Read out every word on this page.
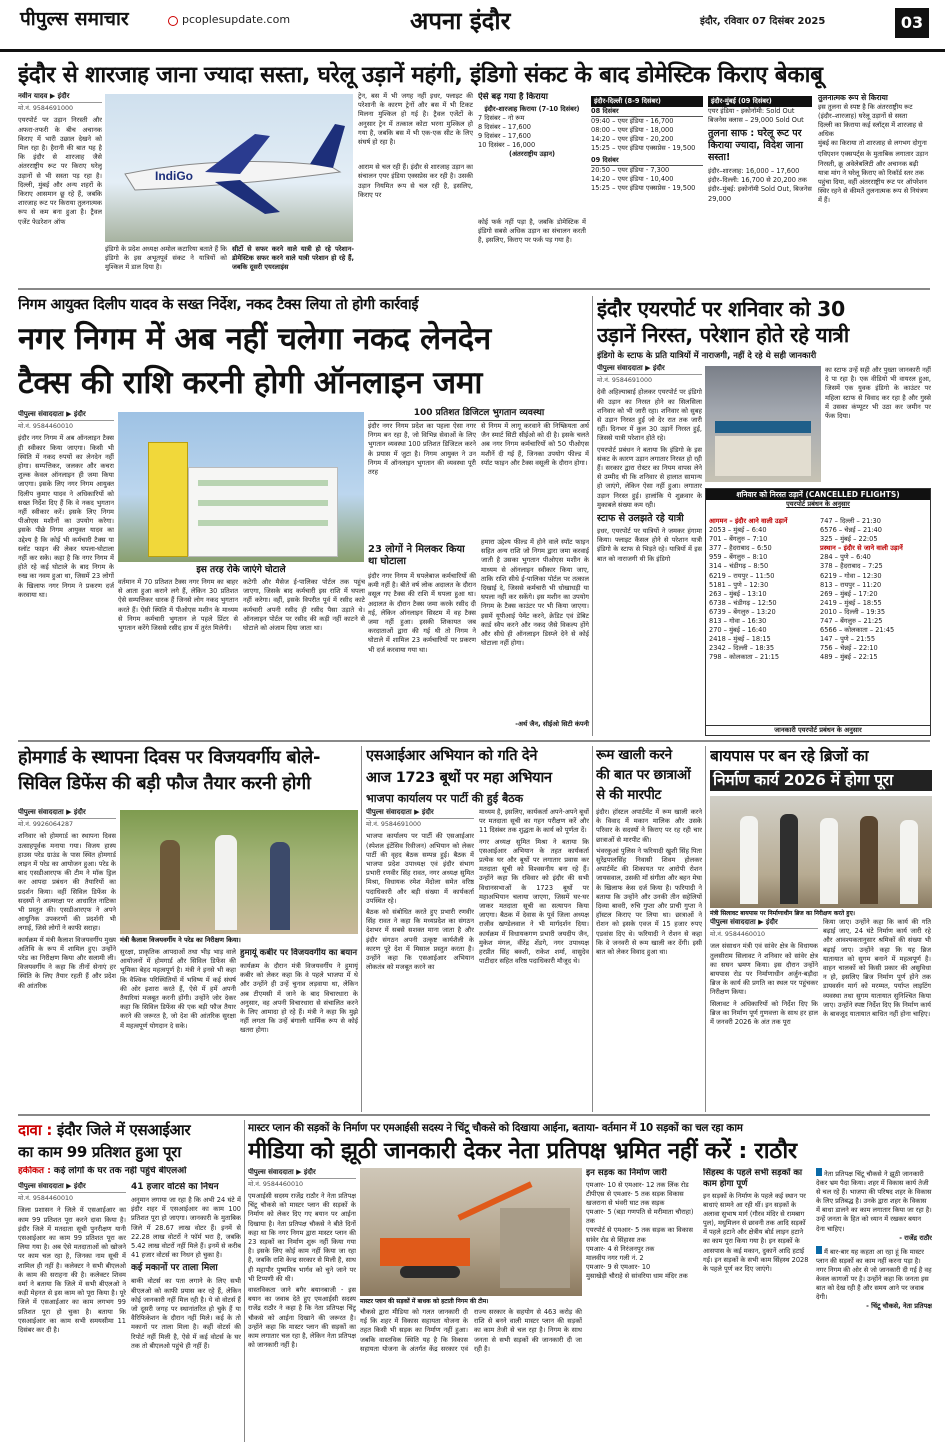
पीपुल्स समाचार	pcoplesupdate.com	अपना इंदौर	इंदौर, रविवार 07 दिसंबर 2025	03
इंदौर से शारजाह जाना ज्यादा सस्ता, घरेलू उड़ानें महंगी, इंडिगो संकट के बाद डोमेस्टिक किराए बेकाबू
नवीन यादव ▶ इंदौर
मो.नं. 9584691000
एयरपोर्ट पर उड़ान निरस्ती और अफरा-तफरी के बीच अचानक किराए में भारी उछाल देखने को मिल रहा है। हैरानी की बात यह है कि इंदौर से शारजाह जैसे अंतरराष्ट्रीय रूट पर किराए घरेलू उड़ानों से भी सस्ता पड़ रहा है। दिल्ली, मुंबई और अन्य शहरों के किराए आसमान छू रहे हैं, जबकि शारजाह रूट पर किराया तुलनात्मक रूप से कम बना हुआ है। ट्रैवल एजेंट फेडरेशन ऑफ
IndiGo
इंडिगो के प्रदेश अध्यक्ष अमोल कटारिया बताते हैं कि इंडिगो के इस अभूतपूर्व संकट ने यात्रियों को मुश्किल में डाल दिया है।
सीटों से सफर करने वाले यात्री हो रहे परेशान- डोमेस्टिक सफर करने वाले यात्री परेशान हो रहे हैं, जबकि दूसरी एयरलाइंस
ट्रेन, बस में भी जगह नहीं इधर, फ्लाइट की परेशानी के कारण ट्रेनों और बस में भी टिकट मिलना मुश्किल हो गई है। ट्रैवल एजेंटों के अनुसार ट्रेन में तत्काल कोटा भरना मुश्किल हो गया है, जबकि बस में भी एक-एक सीट के लिए संघर्ष हो रहा है।
आराम से चल रही हैं। इंदौर से शारजाह उड़ान का संचालन एयर इंडिया एक्सप्रेस कर रही है। उसकी उड़ान नियमित रूप से चल रही है, इसलिए, किराए पर
ऐसे बढ़ गया है किराया
इंदौर-शारजाह किराया (7-10 दिसंबर)
7 दिसंबर – नो रूम
8 दिसंबर – 17,600
9 दिसंबर – 17,600
10 दिसंबर – 16,000
(अंतरराष्ट्रीय उड़ान)
कोई फर्क नहीं पड़ा है, जबकि डोमेस्टिक में इंडिगो सबसे अधिक उड़ान का संचालन करती है, इसलिए, किराए पर फर्क पड़ गया है।
इंदौर-दिल्ली (8-9 दिसंबर)
08 दिसंबर
09:40 – एयर इंडिया - 16,700
08:00 – एयर इंडिया - 18,000
14:20 – एयर इंडिया - 20,200
15:25 – एयर इंडिया एक्सप्रेस - 19,500
09 दिसंबर
20:50 – एयर इंडिया - 7,300
14:20 – एयर इंडिया - 10,400
15:25 – एयर इंडिया एक्सप्रेस - 19,500
इंदौर-मुंबई (09 दिसंबर)
एयर इंडिया - इकोनॉमी: Sold Out
बिजनेस क्लास – 29,000 Sold Out
तुलना साफ : घरेलू रूट पर किराया ज्यादा, विदेश जाना सस्ता!
इंदौर–शारजाह: 16,000 – 17,600
इंदौर–दिल्ली: 16,700 से 20,200 तक
इंदौर–मुंबई: इकोनॉमी Sold Out, बिजनेस 29,000
तुलनात्मक रूप से किराया
इस तुलना से स्पष्ट है कि अंतरराष्ट्रीय रूट (इंदौर–शारजाह) घरेलू उड़ानों से सस्ता
दिल्ली का किराया कई स्लॉट्स में शारजाह से अधिक
मुंबई का किराया तो शारजाह से लगभग दोगुना
एविएशन एक्सपर्ट्स के मुताबिक लगातार उड़ान निरस्ती, क्रू अवेलेबलिटी और अचानक बढ़ी यात्रा मांग ने घरेलू किराए को रिकॉर्ड स्तर तक पहुंचा दिया, वहीं अंतरराष्ट्रीय रूट पर ऑपरेशन स्थिर रहने से कीमतें तुलनात्मक रूप से नियंत्रण में हैं।
निगम आयुक्त दिलीप यादव के सख्त निर्देश, नकद टैक्स लिया तो होगी कार्रवाई
नगर निगम में अब नहीं चलेगा नकद लेनदेन
टैक्स की राशि करनी होगी ऑनलाइन जमा
पीपुल्स संवाददाता ▶ इंदौर
मो.नं. 9584460010
इंदौर नगर निगम में अब ऑनलाइन टैक्स ही स्वीकार किया जाएगा। किसी भी स्थिति में नकद रुपयों का लेनदेन नहीं होगा। सम्पत्तिकर, जलकर और कचरा शुल्क केवल ऑनलाइन ही जमा किया जाएगा। इसके लिए नगर निगम आयुक्त दिलीप कुमार यादव ने अधिकारियों को सख्त निर्देश दिए हैं कि वे नकद भुगतान नहीं स्वीकार करें। इसके लिए निगम पीओएस मशीनों का उपयोग करेगा। इसके पीछे निगम आयुक्त यादव का उद्देश्य है कि कोई भी कर्मचारी टैक्स या स्लॉट फाइन की लेकर घपला-घोटाला नहीं कर सके। कहा है कि नगर निगम में होते रहे कई घोटाले के बाद निगम के रुख का नवम हुआ था, जिसमें 23 लोगों के खिलाफ नगर निगम ने प्रकरण दर्ज करवाया था।
इस तरह रोके जाएंगे घोटाले
वर्तमान में 70 प्रतिशत टैक्स नगर निगम का बाहर से आता हुआ कराने लगे हैं, लेकिन 30 प्रतिशत ऐसे सम्पत्तिकर धारक हैं जिनसे लोग नकद भुगतान करते हैं। ऐसी स्थिति में पीओएस मशीन के माध्यम से निगम कर्मचारी भुगतान ले पहले प्रिंटर से भुगतान करेंगे जिससे रसीद हाथ में तुरंत मिलेगी।
कटेगी और मैसेज ई-पालिका पोर्टल तक पहुंच जाएगा, जिसके बाद कर्मचारी इस राशि में घपला नहीं करेगा। वहीं, इसके विपरीत पूर्व में रसीद काटे कर्मचारी अपनी रसीद ही रसीद पैसा उड़ाते थे। ऑनलाइन पोर्टल पर रसीद की कड़ी नहीं काटने से घोटाले को अंजाम दिया जाता था।
100 प्रतिशत डिजिटल भुगतान व्यवस्था
इंदौर नगर निगम प्रदेश का पहला ऐसा नगर निगम बन रहा है, जो विभिन्न सेवाओं के लिए भुगतान व्यवस्था 100 प्रतिशत डिजिटल करने के प्रयास में जुटा है। निगम आयुक्त ने उन निगम में ऑनलाइन भुगतान की व्यवस्था पूरी तरह
से निगम में लागू करवाने की निष्क्रियता अर्थ जैन स्मार्ट सिटी सीईओ को दी है। इसके चलते अब नगर निगम कर्मचारियों को 50 पीओएस मशीनें दी गई हैं, जिनका उपयोग फील्ड में स्पॉट फाइन और टैक्स वसूली के दौरान होगा।
23 लोगों ने मिलकर किया था घोटाला
इंदौर नगर निगम में घपलेबाज कर्मचारियों की कमी नहीं है। बीते वर्ष लोक अदालत के दौरान वसूल गए टैक्स की राशि में घपला हुआ था। अदालत के दौरान टैक्स जमा करके रसीद दी गई, लेकिन ऑनलाइन सिस्टम में वह टैक्स जमा नहीं हुआ। इसकी शिकायत जब करदाताओं द्वारा की गई थी तो निगम ने घोटाले में शामिल 23 कर्मचारियों पर प्रकरण भी दर्ज करवाया गया था।
हमारा उद्देश्य फील्ड में होने वाले स्पॉट फाइन सहित अन्य राशि जो निगम द्वारा जमा करवाई जाती है उसका भुगतान पीओएस मशीन के माध्यम से ऑनलाइन स्वीकार किया जाए, ताकि राशि सीधे ई-पालिका पोर्टल पर तत्काल दिखाई दे, जिससे कर्मचारी भी धोखाधड़ी या घपला नहीं कर सकेंगे। इस मशीन का उपयोग निगम के टैक्स काउंटर पर भी किया जाएगा। इसमें यूपीआई पेमेंट करने, क्रेडिट एवं डेबिट कार्ड स्वैप करने और नकद जैसे विकल्प होंगे और सीधे ही ऑनलाइन डिस्प्ले देने से कोई घोटाला नहीं होगा।
-अर्थ जैन, सीईओ सिटी कंपनी
इंदौर एयरपोर्ट पर शनिवार को 30
उड़ानें निरस्त, परेशान होते रहे यात्री
इंडिगो के स्टाफ के प्रति यात्रियों में नाराजगी, नहीं दे रहे थे सही जानकारी
पीपुल्स संवाददाता ▶ इंदौर
मो.नं. 9584691000
देवी अहिल्याबाई होलकर एयरपोर्ट पर इंडिगो की उड़ान का निरस्त होने का सिलसिला शनिवार को भी जारी रहा। शनिवार को सुबह से उड़ान निरस्त हुईं जो देर रात तक जारी रहीं। दिनभर में कुल 30 उड़ानें निरस्त हुईं, जिससे यात्री परेशान होते रहे।
एयरपोर्ट प्रबंधन ने बताया कि इंडिगो के इस संकट के कारण उड़ान लगातार निरस्त हो रही हैं। सरकार द्वारा रोस्टर का नियम वापस लेने से उम्मीद थी कि शनिवार से हालात सामान्य हो जाएंगे, लेकिन ऐसा नहीं हुआ। लगातार उड़ान निरस्त हुई। हालांकि ये शुक्रवार के मुकाबले संख्या कम रही।
स्टाफ से उलझते रहे यात्री
इधर, एयरपोर्ट पर यात्रियों ने जमकर हंगामा किया। फ्लाइट कैंसल होने से परेशान यात्री इंडिगो के स्टाफ से भिड़ते रहे। यात्रियों में इस बात को नाराजगी थी कि इंडिगो
का स्टाफ उन्हें सही और पुख्ता जानकारी नहीं दे पा रहा है। एक वीडियो भी वायरल हुआ, जिसमें एक युवक इंडिगो के काउंटर पर महिला स्टाफ से विवाद कर रहा है और गुस्से में उसका कंप्यूटर भी उठा कर जमीन पर फेंक दिया।
शनिवार को निरस्त उड़ानें (CANCELLED FLIGHTS)
एयरपोर्ट प्रबंधन के अनुसार
आगमन – इंदौर आने वाली उड़ानें
2053 – मुंबई – 6:40
701 – बेंगलुरु – 7:10
377 – हैदराबाद – 6:50
959 – बेंगलुरु – 8:10
314 – चंडीगढ़ – 8:50
6219 – रायपुर – 11:50
5181 – पुणे – 12:30
263 – मुंबई – 13:10
6738 – चंडीगढ़ – 12:50
6739 – बेंगलुरु – 13:20
813 – गोवा – 16:30
270 – मुंबई – 16:40
2418 – मुंबई – 18:15
2342 – दिल्ली – 18:35
798 – कोलकाता – 21:15
747 – दिल्ली – 21:30
6576 – चेन्नई – 21:40
325 – मुंबई – 22:05
प्रस्थान – इंदौर से जाने वाली उड़ानें
284 – पुणे – 6:40
378 – हैदराबाद – 7:25
6219 – गोवा – 12:30
813 – रायपुर – 11:20
269 – मुंबई – 17:20
2419 – मुंबई – 18:55
2010 – दिल्ली – 19:35
747 – बेंगलुरु – 21:25
6566 – कोलकाता – 21:45
147 – पुणे – 21:55
756 – चेन्नई – 22:10
489 – मुंबई – 22:15
जानकारी एयरपोर्ट प्रबंधन के अनुसार
होमगार्ड के स्थापना दिवस पर विजयवर्गीय बोले-
सिविल डिफेंस की बड़ी फौज तैयार करनी होगी
पीपुल्स संवाददाता ▶ इंदौर
मो.नं. 9926064287
शनिवार को होमगार्ड का स्थापना दिवस उत्साहपूर्वक मनाया गया। विजय हास्य हाउस परेड ग्राउंड के पास स्थित होमगार्ड लाइन में परेड का आयोजन हुआ। परेड के बाद एसडीआरएफ की टीम ने मॉक ड्रिल कर आपदा प्रबंधन की तैयारियों का प्रदर्शन किया। वहीं सिविल डिफेंस के सदस्यों ने आत्मरक्षा पर आधारित नाटिका भी प्रस्तुत की। एसडीआरएफ ने अपने आधुनिक उपकरणों की प्रदर्शनी भी लगाई, जिसे लोगों ने काफी सराहा।
कार्यक्रम में मंत्री कैलाश विजयवर्गीय मुख्य अतिथि के रूप में शामिल हुए। उन्होंने परेड का निरीक्षण किया और सलामी ली। विजयवर्गीय ने कहा कि तीनों सेनाएं हर स्थिति के लिए तैयार रहती हैं और प्रदेश की आंतरिक
मंत्री कैलाश विजयवर्गीय ने परेड का निरीक्षण किया।
सुरक्षा, प्राकृतिक आपदाओं तथा भीड़ भाड़ वाले आयोजनों में होमगार्ड और सिविल डिफेंस की भूमिका बेहद महत्वपूर्ण है। मंत्री ने इनसे भी कहा कि वैश्विक परिस्थितियों में भविष्य में कई संघर्ष की ओर इशारा करते हैं, ऐसे में हमें अपनी तैयारियां मजबूत करनी होंगी। उन्होंने जोर देकर कहा कि सिविल डिफेंस की एक बड़ी फौज तैयार करने की जरूरत है, जो देश की आंतरिक सुरक्षा में महत्वपूर्ण योगदान दे सके।
हुमायूं कबीर पर विजयवर्गीय का बयान
कार्यक्रम के दौरान मंत्री विजयवर्गीय ने हुमायूं कबीर को लेकर कहा कि वे पहले भाजपा में थे और उन्होंने ही उन्हें चुनाव लड़वाया था, लेकिन अब टीएमसी में जाने के बाद विचारधारा के अनुसार, वह अपनी विचारधारा से संचालित करने के लिए आमादा हो रहे हैं। मंत्री ने कहा कि मुझे नहीं लगता कि उन्हें बंगाली धार्मिक रूप से कोई खतरा होगा।
एसआईआर अभियान को गति देने
आज 1723 बूथों पर महा अभियान
भाजपा कार्यालय पर पार्टी की हुई बैठक
पीपुल्स संवाददाता ▶ इंदौर
मो.नं. 9584691000
भाजपा कार्यालय पर पार्टी की एसआईआर (स्पेशल इंटेंसिव रिवीजन) अभियान को लेकर पार्टी की वृहद बैठक सम्पन्न हुई। बैठक में भाजपा प्रदेश उपाध्यक्ष एवं इंदौर संभाग प्रभारी रणवीर सिंह रावत, नगर अध्यक्ष सुमित मिश्रा, विधायक रमेश मेंदोला समेत वरिष्ठ पदाधिकारी और बड़ी संख्या में कार्यकर्ता उपस्थित रहे।
बैठक को संबोधित करते हुए प्रभारी रणवीर सिंह रावत ने कहा कि मध्यप्रदेश का संगठन देशभर में सबसे सशक्त माना जाता है और इंदौर संगठन अपनी उत्कृष्ट कार्यशैली के कारण पूरे देश में मिसाल प्रस्तुत करता है। उन्होंने कहा कि एसआईआर अभियान लोकतंत्र को मजबूत करने का
माध्यम है, इसलिए, कार्यकर्ता अपने-अपने बूथों पर मतदाता सूची का गहन परीक्षण करें और 11 दिसंबर तक शुद्धता के कार्य को पूर्णता दें।
नगर अध्यक्ष सुमित मिश्रा ने बताया कि एसआईआर अभियान के तहत कार्यकर्ता प्रत्येक घर और बूथों पर लगातार प्रवास कर मतदाता सूची को विश्वसनीय बना रहे हैं। उन्होंने कहा कि रविवार को इंदौर की सभी विधानसभाओं के 1723 बूथों पर महाअभियान चलाया जाएगा, जिसमें घर-घर जाकर मतदाता सूची का सत्यापन किया जाएगा। बैठक में देवास के पूर्व जिला अध्यक्ष राजीव खण्डेलवाल ने भी मार्गदर्शन दिया। कार्यक्रम में विधायकगण प्रभारी जयदीप जैन, मुकेश मंगल, वीरेंद्र शेंडगे, नगर उपाध्यक्ष हरप्रीत सिंह बक्शी, राकेश शर्मा, वासुदेव पाटीदार सहित वरिष्ठ पदाधिकारी मौजूद थे।
रूम खाली करने
की बात पर छात्राओं
से की मारपीट
इंदौर। हॉस्टल अपार्टमेंट में रूम खाली करने के विवाद में मकान मालिक और उसके परिवार के सदस्यों ने किराए पर रह रही चार छात्राओं से मारपीट की।
भंवरकुआं पुलिस ने फरियादी खुशी सिंह पिता सुरेंद्रपालसिंह निवासी शिवम होलकर अपार्टमेंट की शिकायत पर आरोपी रोशन जायसवाल, उसकी माँ संगीता और बहन मेघा के खिलाफ केस दर्ज किया है। फरियादी ने बताया कि उन्होंने और उनकी तीन सहेलियों दिव्या बावरी, रुचि गुप्ता और प्राची गुप्ता ने हॉस्टल किराए पर लिया था। छात्राओं ने रोशन को इसके एवज में 15 हजार रुपए एडवांस दिए थे। फरियादी ने रोशन से कहा कि वे जनवरी से रूम खाली कर देंगी। इसी बात को लेकर विवाद हुआ था।
बायपास पर बन रहे ब्रिजों का
निर्माण कार्य 2026 में होगा पूरा
मंत्री सिलावट बायपास पर निर्माणाधीन ब्रिज का निरीक्षण करते हुए।
पीपुल्स संवाददाता ▶ इंदौर
मो.नं. 9584460010
जल संसाधन मंत्री एवं सांवेर क्षेत्र के विधायक तुलसीराम सिलावट ने शनिवार को सांवेर क्षेत्र का सघन भ्रमण किया। इस दौरान उन्होंने बायपास रोड पर निर्माणाधीन अर्जुन-बड़ौदा ब्रिज के कार्य की प्रगति का स्थल पर पहुंचकर निरीक्षण किया।
सिलावट ने अधिकारियों को निर्देश दिए कि ब्रिज का निर्माण पूर्ण गुणवत्ता के साथ हर हाल में जनवरी 2026 के अंत तक पूरा
किया जाए। उन्होंने कहा कि कार्य की गति बढ़ाई जाए, 24 घंटे निर्माण कार्य जारी रहे और आवश्यकतानुसार श्रमिकों की संख्या भी बढ़ाई जाए। उन्होंने कहा कि यह ब्रिज यातायात को सुगम बनाने में महत्वपूर्ण है। वाहन चालकों को किसी प्रकार की असुविधा न हो, इसलिए ब्रिज निर्माण पूर्ण होने तक डायवर्सन मार्ग को मरम्मत, पर्याप्त लाइटिंग व्यवस्था तथा सुगम यातायात सुनिश्चित किया जाए। उन्होंने स्पष्ट निर्देश दिए कि निर्माण कार्य के बावजूद यातायात बाधित नहीं होना चाहिए।
दावा : इंदौर जिले में एसआईआर
का काम 99 प्रतिशत हुआ पूरा
हकीकत : कई लोगों के घर तक नहीं पहुंचे बीएलओ
पीपुल्स संवाददाता ▶ इंदौर
मो.नं. 9584460010
जिला प्रशासन ने जिले में एसआईआर का काम 99 प्रतिशत पूरा करने दावा किया है। इंदौर जिले में मतदाता सूची पुनरीक्षण यानी एसआईआर का काम 99 प्रतिशत पूरा कर लिया गया है। अब ऐसे मतदाताओं को खोजने पर काम चल रहा है, जिनका नाम सूची में शामिल ही नहीं है। कलेक्टर ने सभी बीएलओ के काम की सराहना की है। कलेक्टर शिवम वर्मा ने बताया कि जिले में सभी बीएलओ ने कड़ी मेहनत से इस काम को पूरा किया है। पूरे जिले में एसआईआर का काम लगभग 99 प्रतिशत पूरा हो चुका है। बताया कि एसआईआर का काम सभी समयसीमा 11 दिसंबर कर दी है।
41 हजार वोटर्स का निधन
अनुमान लगाया जा रहा है कि अभी 24 घंटे में इंदौर शहर में एसआईआर का काम 100 प्रतिशत पूरा हो जाएगा। जानकारी के मुताबिक जिले में 28.67 लाख वोटर हैं। इनमें से 22.28 लाख वोटरों ने फॉर्म भरा है, जबकि 5.42 लाख वोटरों नहीं मिले हैं। इनमें से करीब 41 हजार वोटर्स का निधन हो चुका है।
कई मकानों पर ताला मिला
बाकी वोटर्स का पता लगाने के लिए सभी बीएलओ को काफी प्रयास कर रहे हैं, लेकिन कोई जानकारी नहीं मिल रही है। ये वो वोटर्स हैं जो दूसरी जगह पर स्थानांतरित हो चुके हैं या वैरिफिकेशन के दौरान नहीं मिले। कई के तो मकानों पर ताला मिला है। कहीं वोटर्स की रिपोर्ट नहीं मिली है, ऐसे में कई वोटर्स के घर तक तो बीएलओ पहुंचे ही नहीं हैं।
मास्टर प्लान की सड़कों के निर्माण पर एमआईसी सदस्य ने चिंटू चौकसे को दिखाया आईना, बताया- वर्तमान में 10 सड़कों का चल रहा काम
मीडिया को झूठी जानकारी देकर नेता प्रतिपक्ष भ्रमित नहीं करें : राठौर
पीपुल्स संवाददाता ▶ इंदौर
मो.नं. 9584460010
मास्टर प्लान की सड़कों में बाधक को हटाती निगम की टीम।
एमआईसी सदस्य राजेंद्र राठौर ने नेता प्रतिपक्ष चिंटू चौकसे को मास्टर प्लान की सड़कों के निर्माण को लेकर दिए गए बयान पर आईना दिखाया है। नेता प्रतिपक्ष चौकसे ने बीते दिनों कहा था कि नगर निगम द्वारा मास्टर प्लान की 23 सड़कों का निर्माण शुरू नहीं किया गया है। इसके लिए कोई काम नहीं किया जा रहा है, जबकि राशि केन्द्र सरकार से मिली है, साथ ही महापौर पुष्यमित्र भार्गव को चुने जाने पर भी टिप्पणी की थी।
वास्तविकता जाने बगैर बयानबाजी - इस बयान का जवाब देते हुए एमआईसी सदस्य राजेंद्र राठौर ने कहा है कि नेता प्रतिपक्ष चिंटू चौकसे को आईना दिखाने की जरूरत है। उन्होंने कहा कि मास्टर प्लान की सड़कों का काम लगातार चल रहा है, लेकिन नेता प्रतिपक्ष को जानकारी नहीं है।
चौकसे द्वारा मीडिया को गलत जानकारी दी गई कि शहर में विकास सहायता योजना के तहत किसी भी सड़क का निर्माण नहीं हुआ। जबकि वास्तविक स्थिति यह है कि विकास सहायता योजना के अंतर्गत केंद्र सरकार एवं राज्य सरकार के सहयोग से 463 करोड़ की राशि से बनने वाली मास्टर प्लान की सड़कों का काम तेजी से चल रहा है। निगम के साथ जनता से सभी सड़कों की जानकारी दी जा रही है।
इन सड़क का निर्माण जारी
एमआर- 10 से एमआर- 12 तक लिंक रोड
टीपीएस से एमआर- 5 तक सड़क विकास
खजराना से भंवरी घाट तक सड़क
एमआर- 5 (बड़ा गणपति से मरीमाता चौराहा) तक
एयरपोर्ट से एमआर- 5 तक सड़क का विकास
सांवेर रोड से सिंहासा तक
एमआर- 4 से निरंजनपुर तक
मालवीय नगर गली नं. 2
एमआर- 9 से एमआर- 10
मुसाखेड़ी चौराहे से सांवरिया धाम मंदिर तक
सिंहस्थ के पहले सभी सड़कों का काम होगा पूर्ण
इन सड़कों के निर्माण के पहले कई स्थान पर बाधाएं सामने आ रही थीं। इन सड़कों के अलावा सुभाष मार्ग (गौरव मंदिर से रामबाग पुल), मधुमिलन से छावनी तक आदि सड़कों में पहले हटाने और क्षेत्रीय बोर्ड लाइन हटाने का काम पूरा किया गया है। इन सड़कों के आसपास के कई मकान, दुकानें आदि हटाई गईं। इन सड़कों के सभी काम सिंहस्थ 2028 के पहले पूर्ण कर दिए जाएंगे।
नेता प्रतिपक्ष चिंटू चौकसे ने झूठी जानकारी देकर भ्रम पैदा किया। शहर में विकास कार्य तेजी से चल रहे हैं। भाजपा की परिषद शहर के विकास के लिए प्रतिबद्ध है। उनके द्वारा शहर के विकास में बाधा डालने का काम लगातार किया जा रहा है। उन्हें जनता के हित को ध्यान में रखकर बयान देना चाहिए।
- राजेंद्र राठौर
मैं बार-बार यह कहता आ रहा हूं कि मास्टर प्लान की सड़कों का काम नहीं करना पड़ा है। नगर निगम की ओर से जो जानकारी दी गई है वह केवल कागजों पर है। उन्होंने कहा कि जनता इस बात को देख रही है और समय आने पर जवाब देगी।
- चिंटू चौकसे, नेता प्रतिपक्ष
